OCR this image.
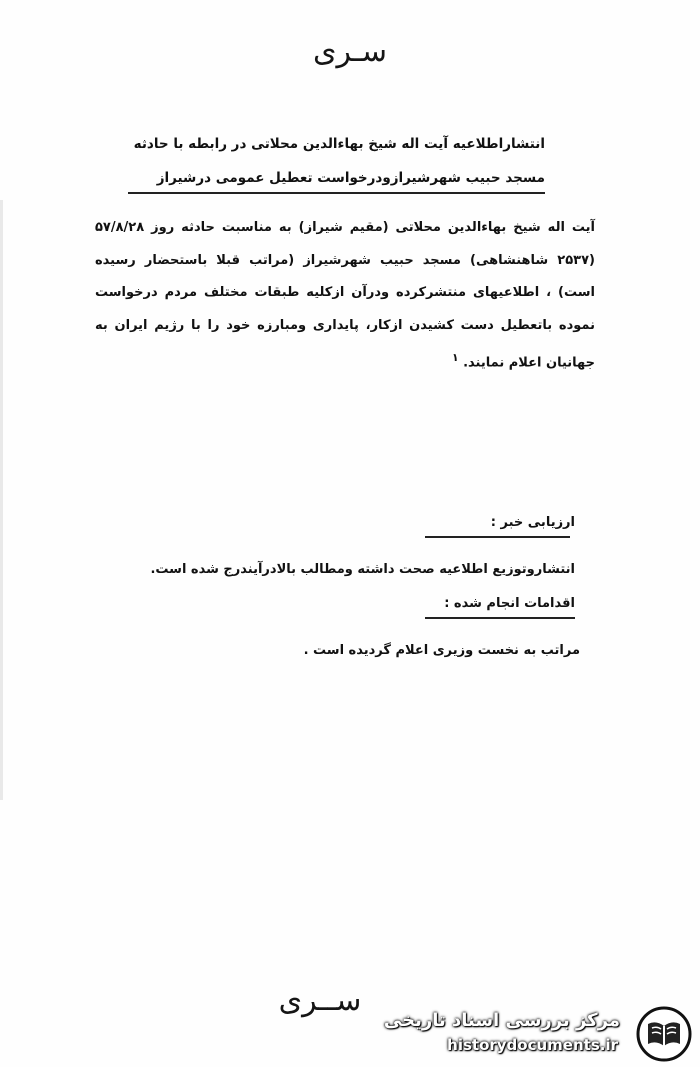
سـری
انتشاراطلاعیه آیت اله شیخ بهاءالدین محلاتی در رابطه با حادثه
مسجد حبیب شهرشیرازودرخواست تعطیل عمومی درشیراز
آیت اله شیخ بهاءالدین محلاتی (مقیم شیراز) به مناسبت حادثه روز ۵۷/۸/۲۸ (۲۵۳۷ شاهنشاهی) مسجد حبیب شهرشیراز (مراتب قبلا باستحضار رسیده است) ، اطلاعیهای منتشرکرده ودرآن ازکلیه طبقات مختلف مردم درخواست نموده باتعطیل دست کشیدن ازکار، پایداری ومبارزه خود را با رژیم ایران به جهانیان اعلام نمایند. $^۱$
ارزیابی خبر :
انتشاروتوزیع اطلاعیه صحت داشته ومطالب بالادرآیندرج شده است.
اقدامات انجام شده :
مراتب به نخست وزیری اعلام گردیده است .
ســری
مرکز بررسی اسناد تاریخی
historydocuments.ir
